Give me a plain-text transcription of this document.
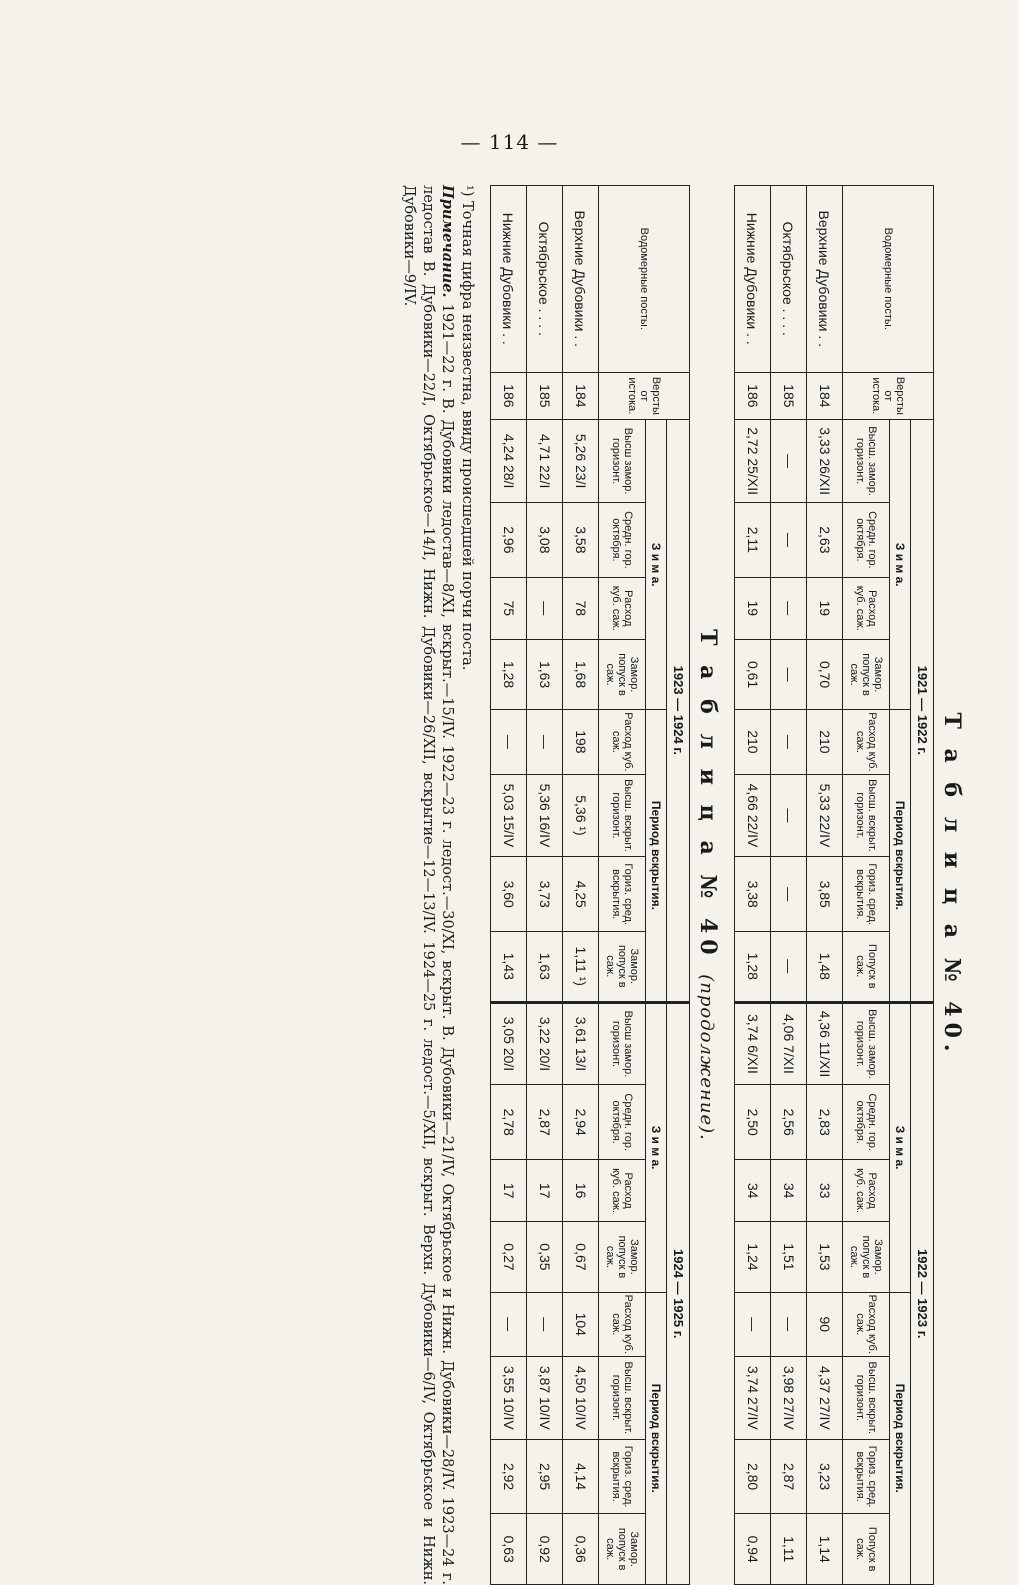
— 114 —
Т а б л и ц а № 40.
Водомерные посты.	Версты от истока.	1921 — 1922 г.								1922 — 1923 г.							
		З и м а.				Период вскрытия.				З и м а.				Период вскрытия.			
		Высш. замор. горизонт.	Средн. гор. октября.	Расход куб. саж.	Замор. попуск в саж.	Расход куб. саж.	Высш. вскрыт. горизонт.	Гориз. сред. вскрытия.	Попуск в саж.	Высш. замор. горизонт.	Средн. гор. октября.	Расход куб. саж.	Замор. попуск в саж.	Расход куб. саж.	Высш. вскрыт. горизонт.	Гориз. сред. вскрытия.	Попуск в саж.
Верхние Дубовики . .	184	3,33 26/XII	2,63	19	0,70	210	5,33 22/IV	3,85	1,48	4,36 11/XII	2,83	33	1,53	90	4,37 27/IV	3,23	1,14
Октябрьское . . . .	185	—	—	—	—	—	—	—	—	4,06 7/XII	2,56	34	1,51	—	3,98 27/IV	2,87	1,11
Нижние Дубовики . .	186	2,72 25/XII	2,11	19	0,61	210	4,66 22/IV	3,38	1,28	3,74 6/XII	2,50	34	1,24	—	3,74 27/IV	2,80	0,94
Т а б л и ц а № 40 (продолжение).
Водомерные посты.	Версты от истока.	1923 — 1924 г.								1924 — 1925 г.							
		З и м а.				Период вскрытия.				З и м а.				Период вскрытия.			
		Высш замор. горизонт.	Средн. гор. октября.	Расход куб. саж.	Замор. попуск в саж.	Расход куб. саж.	Высш. вскрыт. горизонт.	Гориз. сред. вскрытия.	Замор. попуск в саж.	Высш замор. горизонт.	Средн. гор. октября.	Расход куб. саж.	Замор. попуск в саж.	Расход куб. саж.	Высш. вскрыт. горизонт.	Гориз. сред. вскрытия.	Замор. попуск в саж.
Верхние Дубовики . .	184	5,26 23/I	3,58	78	1,68	198	5,36 ¹)	4,25	1,11 ¹)	3,61 13/I	2,94	16	0,67	104	4,50 10/IV	4,14	0,36
Октябрьское . . . .	185	4,71 22/I	3,08	—	1,63	—	5,36 16/IV	3,73	1,63	3,22 20/I	2,87	17	0,35	—	3,87 10/IV	2,95	0,92
Нижние Дубовики . .	186	4,24 28/I	2,96	75	1,28	—	5,03 15/IV	3,60	1,43	3,05 20/I	2,78	17	0,27	—	3,55 10/IV	2,92	0,63

¹) Точная цифра неизвестна, ввиду происшедшей порчи поста.

Примечание. 1921—22 г. В. Дубовики ледостав—8/XI, вскрыт.—15/IV. 1922—23 г. ледост.—30/XI, вскрыт. В. Дубовики—21/IV, Октябрьское и Нижн. Дубовики—28/IV. 1923—24 г. ледостав В. Дубовики—22/I, Октябрьское—14/I, Нижн. Дубовики—26/XII, вскрытие—12—13/IV. 1924—25 г. ледост.—5/XII, вскрыт. Верхн. Дубовики—6/IV, Октябрьское и Нижн. Дубовики—9/IV.
